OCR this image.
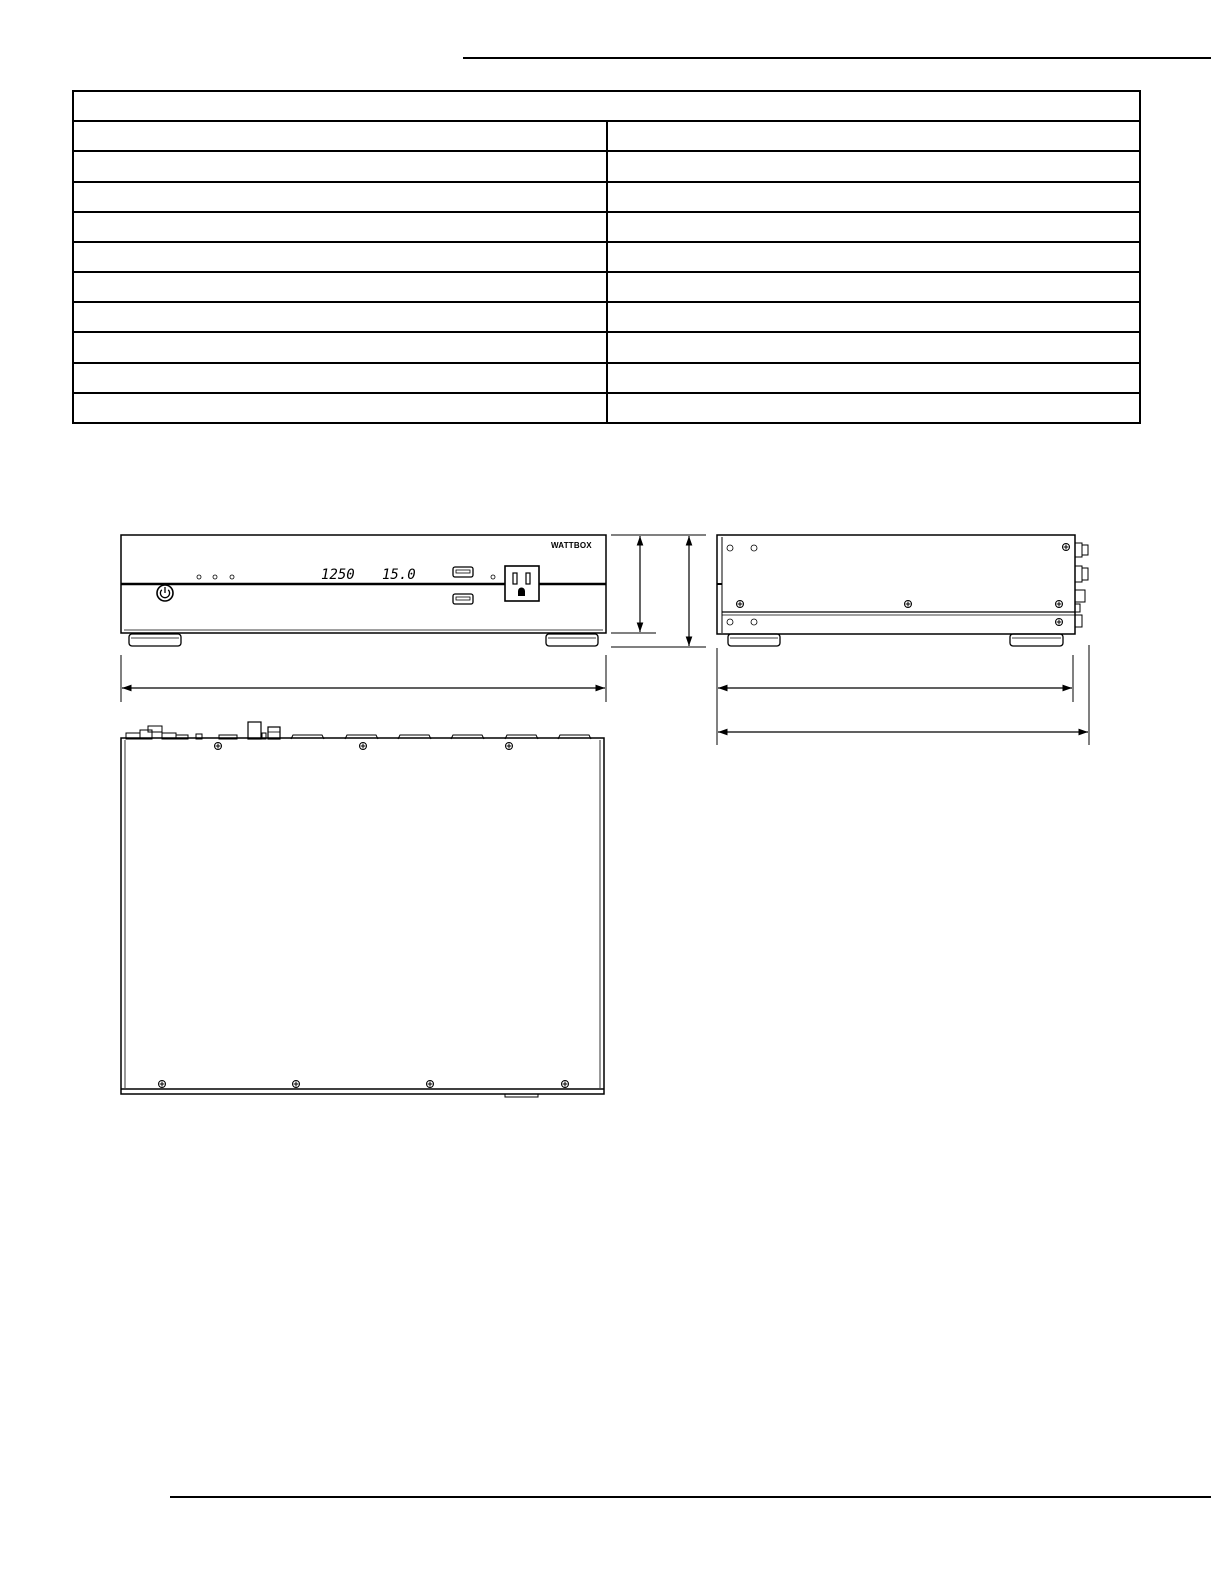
1250 15.0
WATTBOX
